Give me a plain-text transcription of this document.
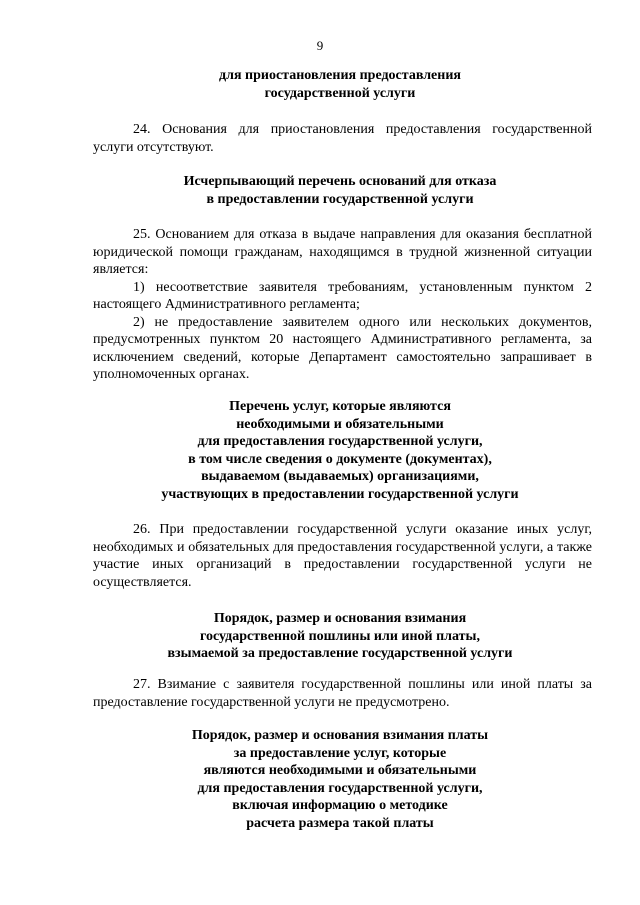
9
для приостановления предоставления
государственной услуги

24. Основания для приостановления предоставления государственной услуги отсутствуют.

Исчерпывающий перечень оснований для отказа
в предоставлении государственной услуги

25. Основанием для отказа в выдаче направления для оказания бесплатной юридической помощи гражданам, находящимся в трудной жизненной ситуации является:

1) несоответствие заявителя требованиям, установленным пунктом 2 настоящего Административного регламента;

2) не предоставление заявителем одного или нескольких документов, предусмотренных пунктом 20 настоящего Административного регламента, за исключением сведений, которые Департамент самостоятельно запрашивает в уполномоченных органах.

Перечень услуг, которые являются
необходимыми и обязательными
для предоставления государственной услуги,
в том числе сведения о документе (документах),
выдаваемом (выдаваемых) организациями,
участвующих в предоставлении государственной услуги

26. При предоставлении государственной услуги оказание иных услуг, необходимых и обязательных для предоставления государственной услуги, а также участие иных организаций в предоставлении государственной услуги не осуществляется.

Порядок, размер и основания взимания
государственной пошлины или иной платы,
взымаемой за предоставление государственной услуги

27. Взимание с заявителя государственной пошлины или иной платы за предоставление государственной услуги не предусмотрено.

Порядок, размер и основания взимания платы
за предоставление услуг, которые
являются необходимыми и обязательными
для предоставления государственной услуги,
включая информацию о методике
расчета размера такой платы
